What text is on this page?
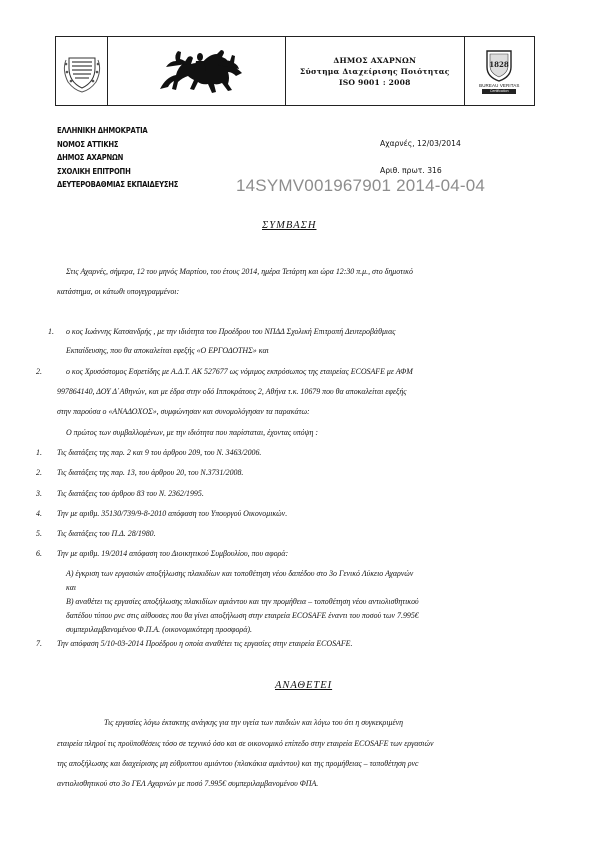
ΔΗΜΟΣ ΑΧΑΡΝΩΝ
Σύστημα Διαχείρισης Ποιότητας
ISO 9001 : 2008
1828
BUREAU VERITAS
Certification
ΕΛΛΗΝΙΚΗ ΔΗΜΟΚΡΑΤΙΑ
ΝΟΜΟΣ ΑΤΤΙΚΗΣ
ΔΗΜΟΣ ΑΧΑΡΝΩΝ
ΣΧΟΛΙΚΗ ΕΠΙΤΡΟΠΗ
ΔΕΥΤΕΡΟΒΑΘΜΙΑΣ ΕΚΠΑΙΔΕΥΣΗΣ
Αχαρνές, 12/03/2014
Αριθ. πρωτ. 316
14SYMV001967901 2014-04-04
ΣΥΜΒΑΣΗ
Στις Αχαρνές, σήμερα, 12 του μηνός Μαρτίου, του έτους 2014, ημέρα Τετάρτη και ώρα 12:30 π.μ., στο δημοτικό
κατάστημα, οι κάτωθι υπογεγραμμένοι:
1. ο κος Ιωάννης Κατσανδρής , με την ιδιότητα του Προέδρου του ΝΠΔΔ Σχολική Επιτροπή Δευτεροβάθμιας
Εκπαίδευσης, που θα αποκαλείται εφεξής «Ο ΕΡΓΟΔΟΤΗΣ» και
2.	ο κος Χρυσόστομος Εσρετίδης με Α.Δ.Τ. ΑΚ 527677 ως νόμιμος εκπρόσωπος της εταιρείας ECOSAFE με ΑΦΜ
997864140, ΔΟΥ Δ΄Αθηνών, και με έδρα στην οδό Ιπποκράτους 2, Αθήνα τ.κ. 10679 που θα αποκαλείται εφεξής
στην παρούσα ο «ΑΝΑΔΟΧΟΣ», συμφώνησαν και συνομολόγησαν τα παρακάτω:
Ο πρώτος των συμβαλλομένων, με την ιδιότητα που παρίσταται, έχοντας υπόψη :
1. Τις διατάξεις της παρ. 2 και 9 του άρθρου 209, του Ν. 3463/2006.
2. Τις διατάξεις της παρ. 13, του άρθρου 20, του Ν.3731/2008.
3. Τις διατάξεις του άρθρου 83 του Ν. 2362/1995.
4. Την με αριθμ. 35130/739/9-8-2010 απόφαση του Υπουργού Οικονομικών.
5. Τις διατάξεις του Π.Δ. 28/1980.
6. Την με αριθμ. 19/2014 απόφαση του Διοικητικού Συμβουλίου, που αφορά:
Α) έγκριση των εργασιών αποξήλωσης πλακιδίων και τοποθέτηση νέου δαπέδου στο 3ο Γενικό Λύκειο Αχαρνών
και
Β) αναθέτει τις εργασίες αποξήλωσης πλακιδίων αμιάντου και την προμήθεια – τοποθέτηση νέου αντιολισθητικού
δαπέδου τύπου ρνc στις αίθουσες που θα γίνει αποξήλωση στην εταιρεία ECOSAFE έναντι του ποσού των 7.995€
συμπεριλαμβανομένου Φ.Π.Α. (οικονομικότερη προσφορά).
7. Την απόφαση 5/10-03-2014 Προέδρου η οποία αναθέτει τις εργασίες στην εταιρεία ECOSAFE.
ΑΝΑΘΕΤΕΙ
Τις εργασίες λόγω έκτακτης ανάγκης για την υγεία των παιδιών και λόγω του ότι η συγκεκριμένη
εταιρεία πληροί τις προϋποθέσεις τόσο σε τεχνικό όσο και σε οικονομικό επίπεδο στην εταιρεία ECOSAFE των εργασιών
της αποξήλωσης και διαχείρισης μη εύθρυπτου αμιάντου (πλακάκια αμιάντου) και της προμήθειας – τοποθέτηση ρνc
αντιολισθητικού στο 3ο ΓΕΛ Αχαρνών με ποσό 7.995€ συμπεριλαμβανομένου ΦΠΑ.
